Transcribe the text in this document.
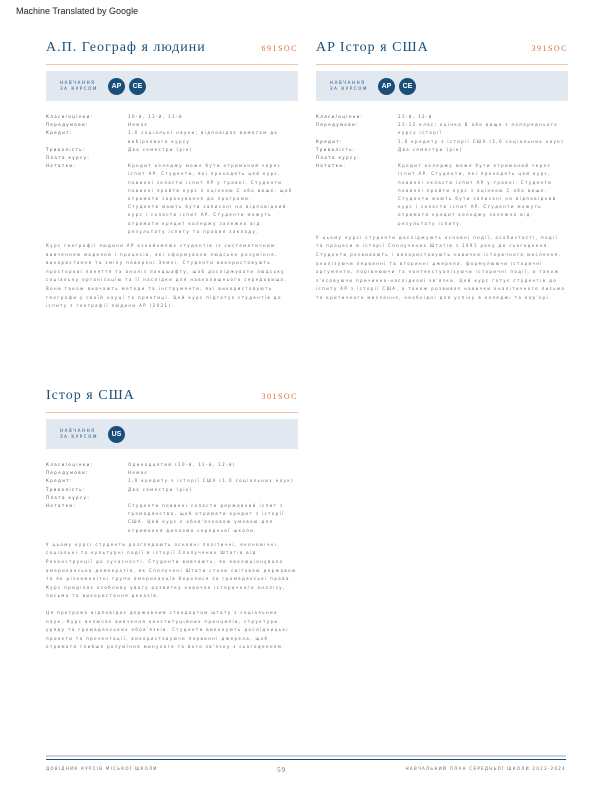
Machine Translated by Google
A.П. Географ я людини	691SOC
НАВЧАННЯ ЗА КУРСОМ	AP	CE
Класи/оцінки:	10-й, 11-й, 12-й
Передумови:	Немає
Кредит:	1,0 соціальні науки; відповідає вимогам до вибіркового курсу
Тривалість:	Два семестри (рік)
Плата курсу:
Нотатки:	Кредит коледжу може бути отриманий через іспит AP. Студенти, які проходять цей курс, повинні скласти іспит AP у травні. Студенти повинні пройти курс з оцінкою C або вище, щоб отримати зарахування до програми.
Студенти мають бути записані на відповідний курс і скласти іспит AP. Студенти можуть отримати кредит коледжу залежно від результату іспиту та правил закладу.
Курс географії людини AP ознайомлює студентів із систематичним вивченням моделей і процесів, які сформували людське розуміння, використання та зміну поверхні Землі. Студенти використовують просторові поняття та аналіз ландшафту, щоб досліджувати людську соціальну організацію та її наслідки для навколишнього середовища. Вони також вивчають методи та інструменти, які використовують географи у своїй науці та практиці. Цей курс підготує студентів до іспиту з географії людини AP (2021).
AP Істор я США	391SOC
НАВЧАННЯ ЗА КУРСОМ	AP	CE
Класи/оцінки:	11-й, 12-й
Передумови:	11-12 клас; оцінка B або вище з попереднього курсу історії
Кредит:	1,0 кредиту з історії США (1,0 соціальних наук)
Тривалість:	Два семестри (рік)
Плата курсу:
Нотатки:	Кредит коледжу може бути отриманий через іспит AP. Студенти, які проходять цей курс, повинні скласти іспит AP у травні. Студенти повинні пройти курс з оцінкою C або вище.
Студенти мають бути записані на відповідний курс і скласти іспит AP. Студенти можуть отримати кредит коледжу залежно від результату іспиту.
У цьому курсі студенти досліджують основні події, особистості, події та процеси в історії Сполучених Штатів з 1491 року до сьогодення. Студенти розвивають і використовують навички історичного мислення, аналізуючи первинні та вторинні джерела, формулюючи історичні аргументи, порівнюючи та контекстуалізуючи історичні події, а також з'ясовуючи причинно-наслідкові зв'язки. Цей курс готує студентів до іспиту AP з історії США, а також розвиває навички аналітичного письма та критичного мислення, необхідні для успіху в коледжі та кар'єрі.
Істор я США	301SOC
НАВЧАННЯ ЗА КУРСОМ	US
Класи/оцінки:	Одинадцятий (10-й, 11-й, 12-й)
Передумови:	Немає
Кредит:	1,0 кредиту з історії США (1,0 соціальних наук)
Тривалість:	Два семестри (рік)
Плата курсу:
Нотатки:	Студенти повинні скласти державний іспит з громадянства, щоб отримати кредит з історії США. Цей курс є обов'язковою умовою для отримання диплома середньої школи.
У цьому курсі студенти розглядають основні політичні, економічні, соціальні та культурні події в історії Сполучених Штатів від Реконструкції до сучасності. Студенти вивчають, як еволюціонувала американська демократія, як Сполучені Штати стали світовою державою та як різноманітні групи американців боролися за громадянські права. Курс приділяє особливу увагу розвитку навичок історичного аналізу, письма та використання доказів.
Ця програма відповідає державним стандартам штату з соціальних наук. Курс включає вивчення конституційних принципів, структури уряду та громадянських обов'язків. Студенти виконують дослідницькі проекти та презентації, використовуючи первинні джерела, щоб отримати глибше розуміння минулого та його зв'язку з сьогоденням.
ДОВІДНИК КУРСІВ МІСЬКОЇ ШКОЛИ	59	НАВЧАЛЬНИЙ ПЛАН СЕРЕДНЬОЇ ШКОЛИ 2023-2024
